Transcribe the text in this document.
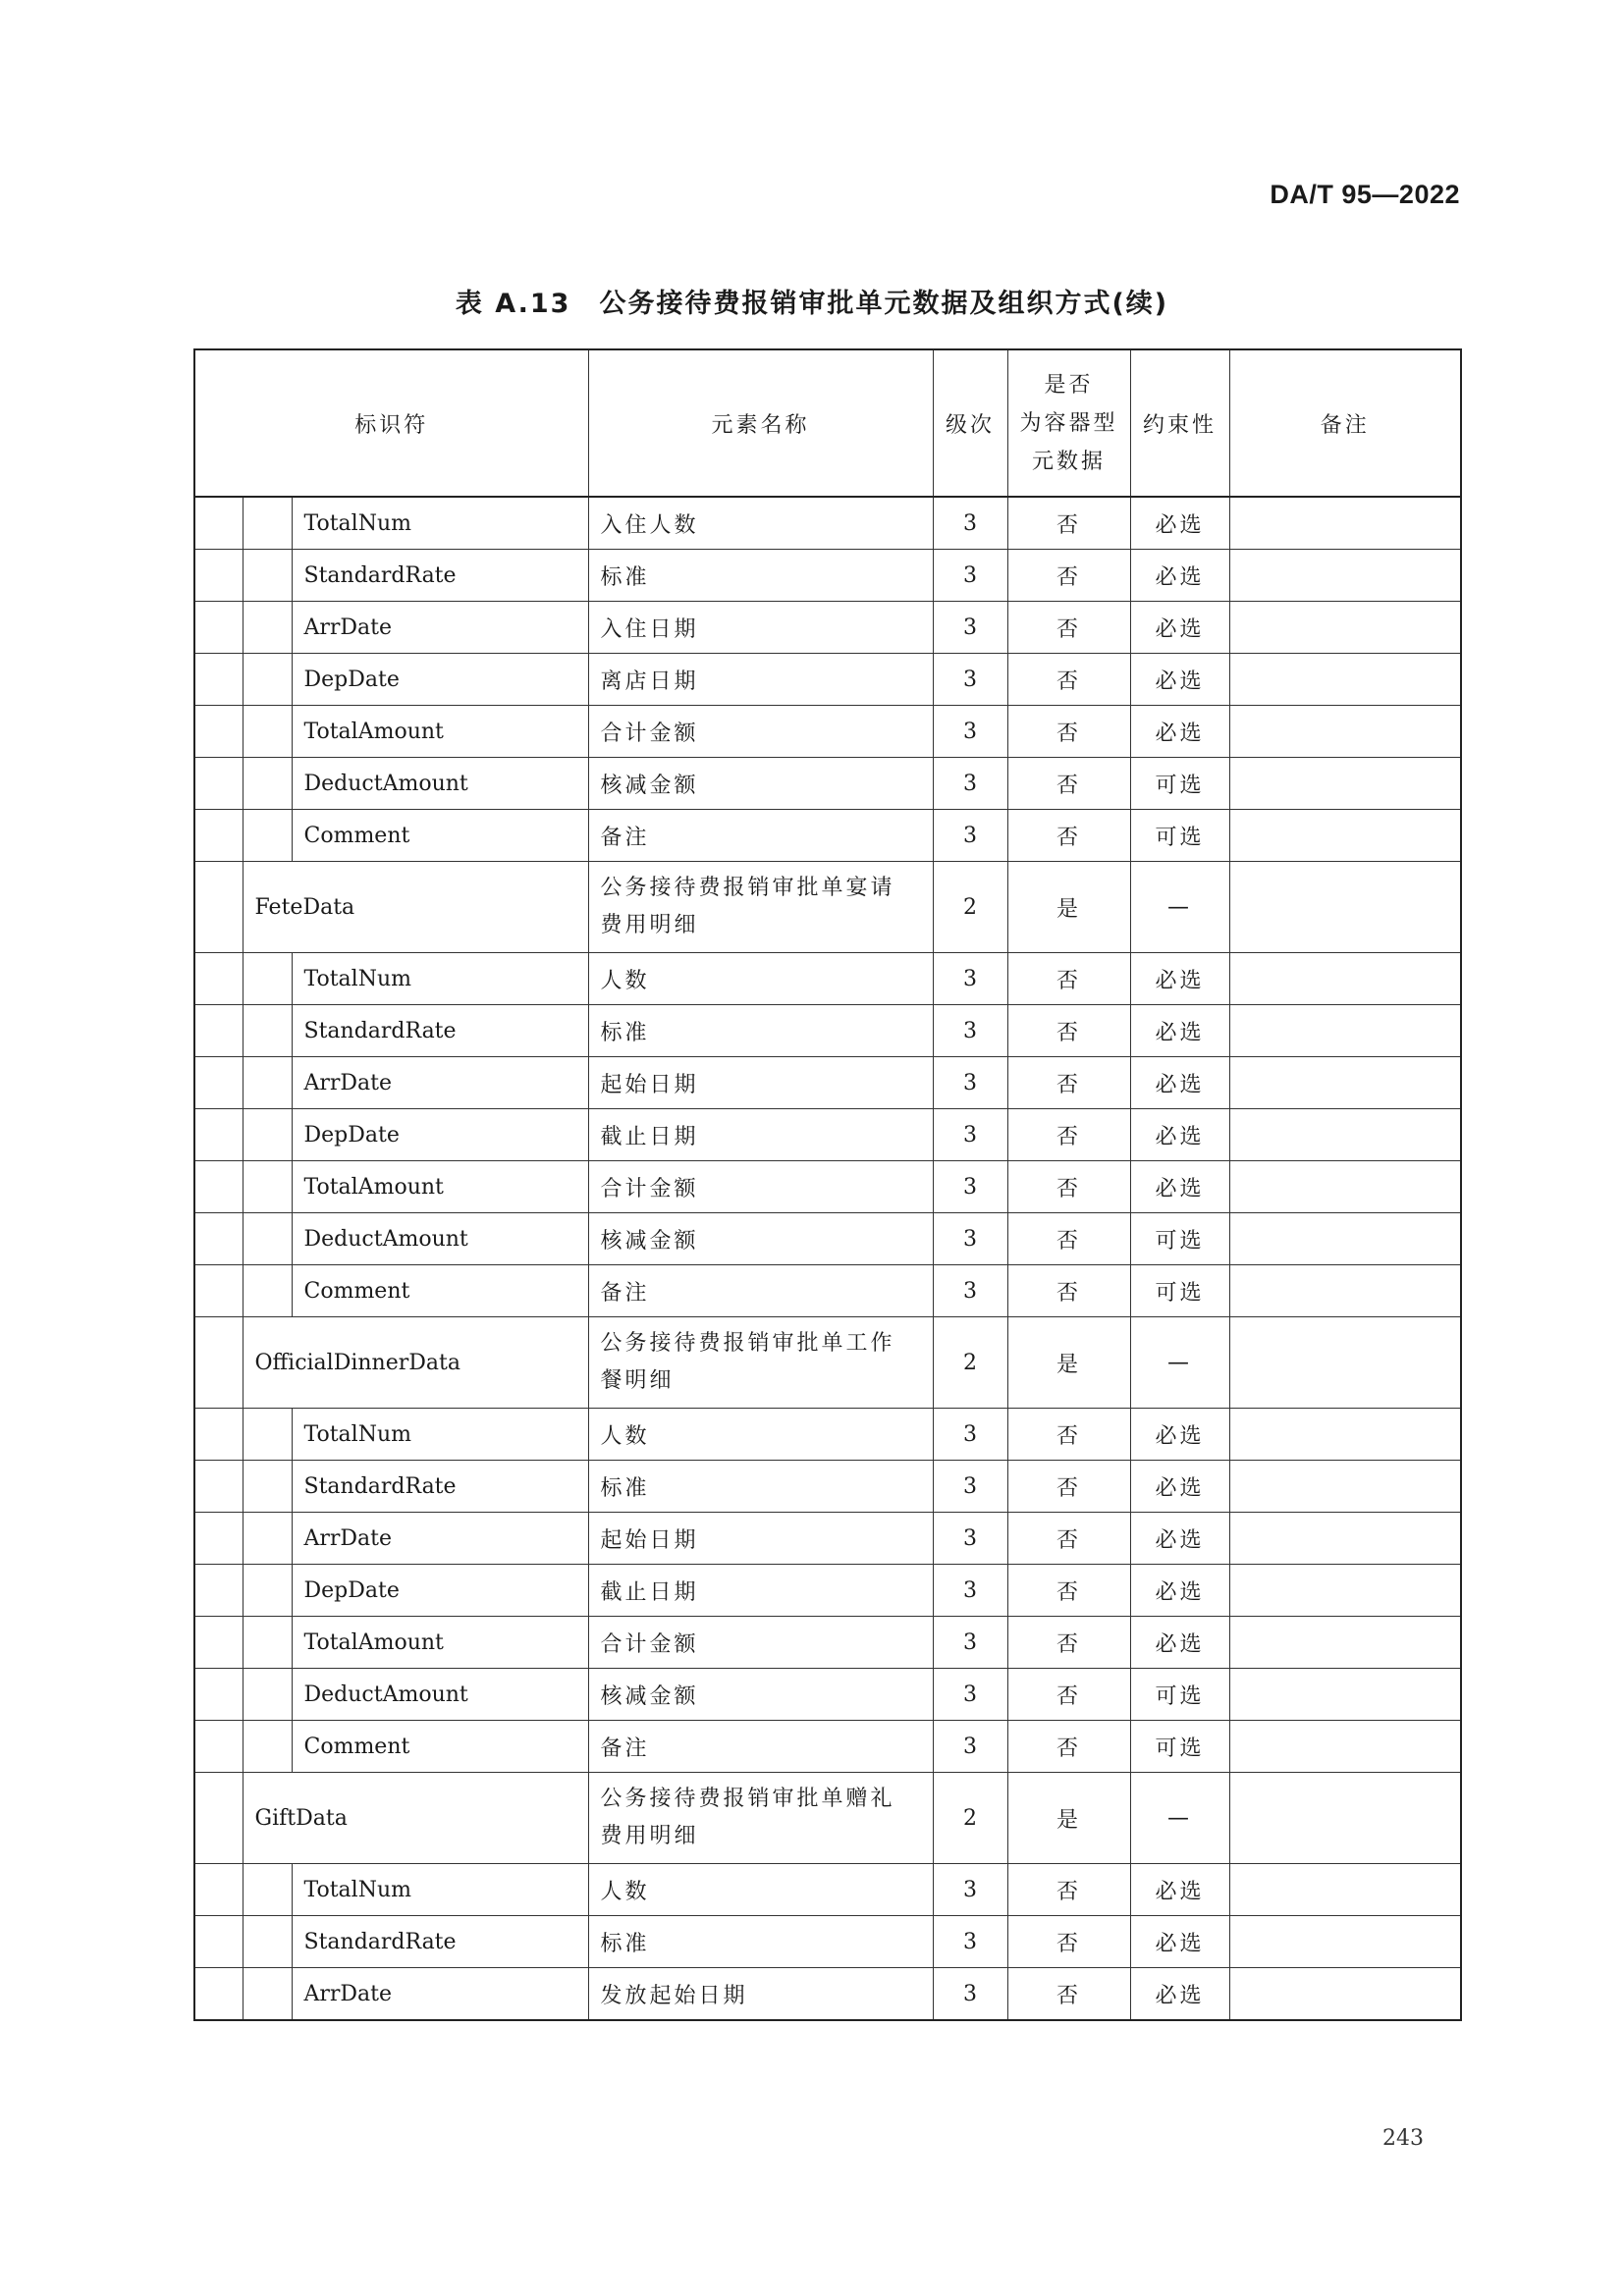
DA/T 95—2022
表 A.13　公务接待费报销审批单元数据及组织方式(续)
标识符			元素名称	级次	是否
为容器型
元数据	约束性	备注
		TotalNum	入住人数	3	否	必选	
		StandardRate	标准	3	否	必选	
		ArrDate	入住日期	3	否	必选	
		DepDate	离店日期	3	否	必选	
		TotalAmount	合计金额	3	否	必选	
		DeductAmount	核减金额	3	否	可选	
		Comment	备注	3	否	可选	
	FeteData		公务接待费报销审批单宴请
费用明细	2	是	—	
		TotalNum	人数	3	否	必选	
		StandardRate	标准	3	否	必选	
		ArrDate	起始日期	3	否	必选	
		DepDate	截止日期	3	否	必选	
		TotalAmount	合计金额	3	否	必选	
		DeductAmount	核减金额	3	否	可选	
		Comment	备注	3	否	可选	
	OfficialDinnerData		公务接待费报销审批单工作
餐明细	2	是	—	
		TotalNum	人数	3	否	必选	
		StandardRate	标准	3	否	必选	
		ArrDate	起始日期	3	否	必选	
		DepDate	截止日期	3	否	必选	
		TotalAmount	合计金额	3	否	必选	
		DeductAmount	核减金额	3	否	可选	
		Comment	备注	3	否	可选	
	GiftData		公务接待费报销审批单赠礼
费用明细	2	是	—	
		TotalNum	人数	3	否	必选	
		StandardRate	标准	3	否	必选	
		ArrDate	发放起始日期	3	否	必选	
243
